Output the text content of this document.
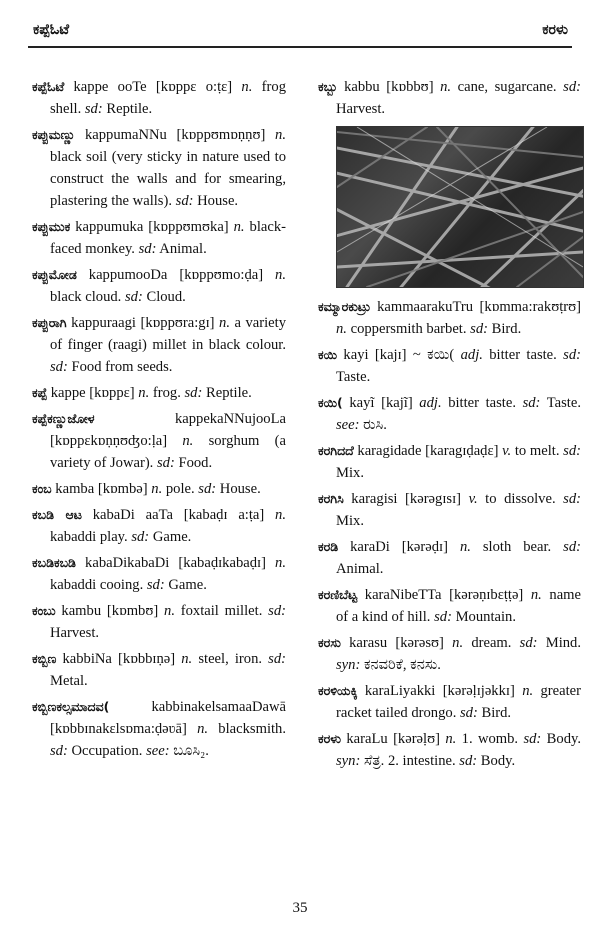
ಕಪ್ಪೆಓಟೆ	ಕರಳು
ಕಪ್ಪೆಓಟೆ kappe ooTe [kɒppɛ o:ṭɛ] n. frog shell. sd: Reptile.
ಕಪ್ಪುಮಣ್ಣು kappumaNNu [kɒppʊmɒṇṇʊ] n. black soil (very sticky in nature used to construct the walls and for smearing, plastering the walls). sd: House.
ಕಪ್ಪುಮುಕ kappumuka [kɒppʊmʊka] n. black-faced monkey. sd: Animal.
ಕಪ್ಪುಮೋಡ kappumooDa [kɒppʊmo:ḍa] n. black cloud. sd: Cloud.
ಕಪ್ಪುರಾಗಿ kappuraagi [kɒppʊra:gɪ] n. a variety of finger (raagi) millet in black colour. sd: Food from seeds.
ಕಪ್ಪೆ kappe [kɒppɛ] n. frog. sd: Reptile.
ಕಪ್ಪೆಕಣ್ಣುಜೋಳ kappekaNNujooLa [kɒppɛkɒṇṇʊʤo:ḷa] n. sorghum (a variety of Jowar). sd: Food.
ಕಂಬ kamba [kɒmbə] n. pole. sd: House.
ಕಬಡಿ ಆಟ kabaDi aaTa [kabaḍɪ a:ṭa] n. kabaddi play. sd: Game.
ಕಬಡಿಕಬಡಿ kabaDikabaDi [kabaḍɪkabaḍɪ] n. kabaddi cooing. sd: Game.
ಕಂಬು kambu [kɒmbʊ] n. foxtail millet. sd: Harvest.
ಕಬ್ಬಿಣ kabbiNa [kɒbbɪṇə] n. steel, iron. sd: Metal.
ಕಬ್ಬಿಣಕಲ್ಸಮಾದವ( kabbinakelsamaaDawā [kɒbbɪnakɛlsɒma:ḍəʋā] n. blacksmith. sd: Occupation. see: ಬೂಸಿ₂.
ಕಬ್ಬು kabbu [kɒbbʊ] n. cane, sugarcane. sd: Harvest.
ಕಮ್ಮಾರಕುಟ್ರು kammaarakuTru [kɒmma:rakʊṭrʊ] n. coppersmith barbet. sd: Bird.
ಕಯಿ kayi [kajɪ] ~ ಕಯಿ( adj. bitter taste. sd: Taste.
ಕಯಿ( kayĩ [kajĩ] adj. bitter taste. sd: Taste. see: ರುಸಿ.
ಕರಗಿದದೆ karagidade [karagɪḍaḍɛ] v. to melt. sd: Mix.
ಕರಗಿಸಿ karagisi [kərəgɪsɪ] v. to dissolve. sd: Mix.
ಕರಡಿ karaDi [kərəḍɪ] n. sloth bear. sd: Animal.
ಕರಣಿಬೆಟ್ಟ karaNibeTTa [kərəṇɪbɛṭṭə] n. name of a kind of hill. sd: Mountain.
ಕರಸು karasu [kərəsʊ] n. dream. sd: Mind. syn: ಕನವರಿಕೆ, ಕನಸು.
ಕರಳಿಯಕ್ಕಿ karaLiyakki [kərəḷɪjəkkɪ] n. greater racket tailed drongo. sd: Bird.
ಕರಳು karaLu [kərəḷʊ] n. 1. womb. sd: Body. syn: ಸೆತ್ರ. 2. intestine. sd: Body.
35
